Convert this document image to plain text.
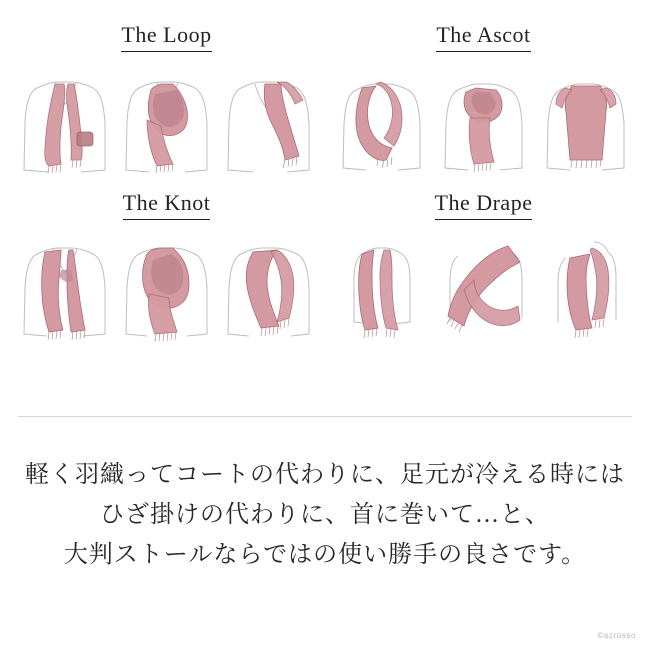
The Loop	The Ascot
The Knot	The Drape
軽く羽織ってコートの代わりに、足元が冷える時には
ひざ掛けの代わりに、首に巻いて…と、
大判ストールならではの使い勝手の良さです。
©azrosso
